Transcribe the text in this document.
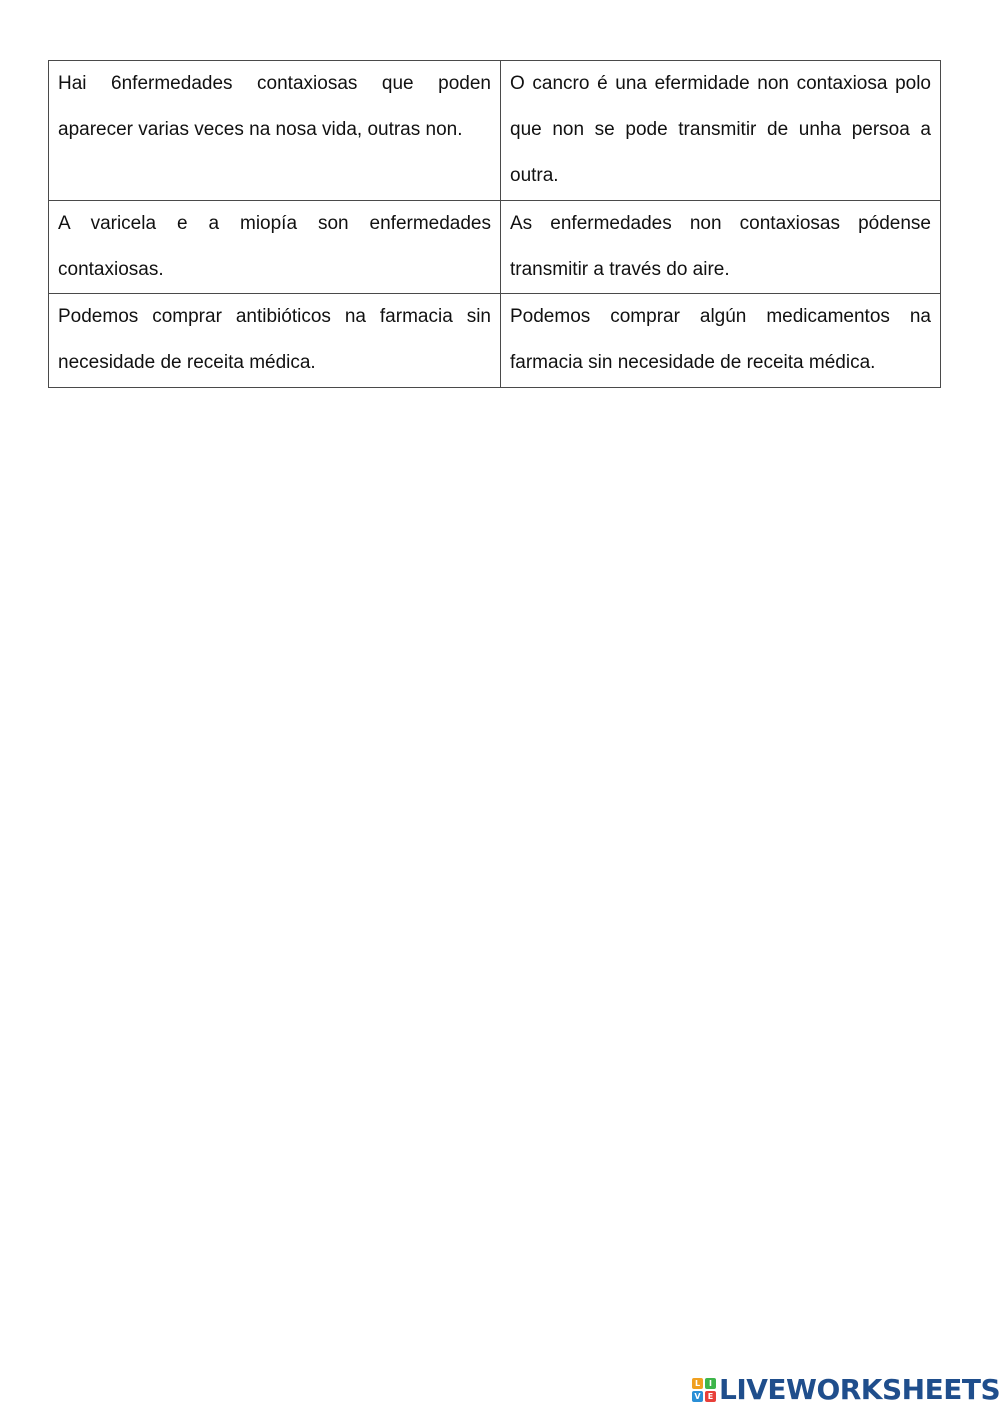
Hai 6nfermedades contaxiosas que poden aparecer varias veces na nosa vida, outras non.	O cancro é una efermidade non contaxiosa polo que non se pode transmitir de unha persoa a outra.
A varicela e a miopía son enfermedades contaxiosas.	As enfermedades non contaxiosas pódense transmitir a través do aire.
Podemos comprar antibióticos na farmacia sin necesidade de receita médica.	Podemos comprar algún medicamentos na farmacia sin necesidade de receita médica.
L	I
V E LIVEWORKSHEETS
